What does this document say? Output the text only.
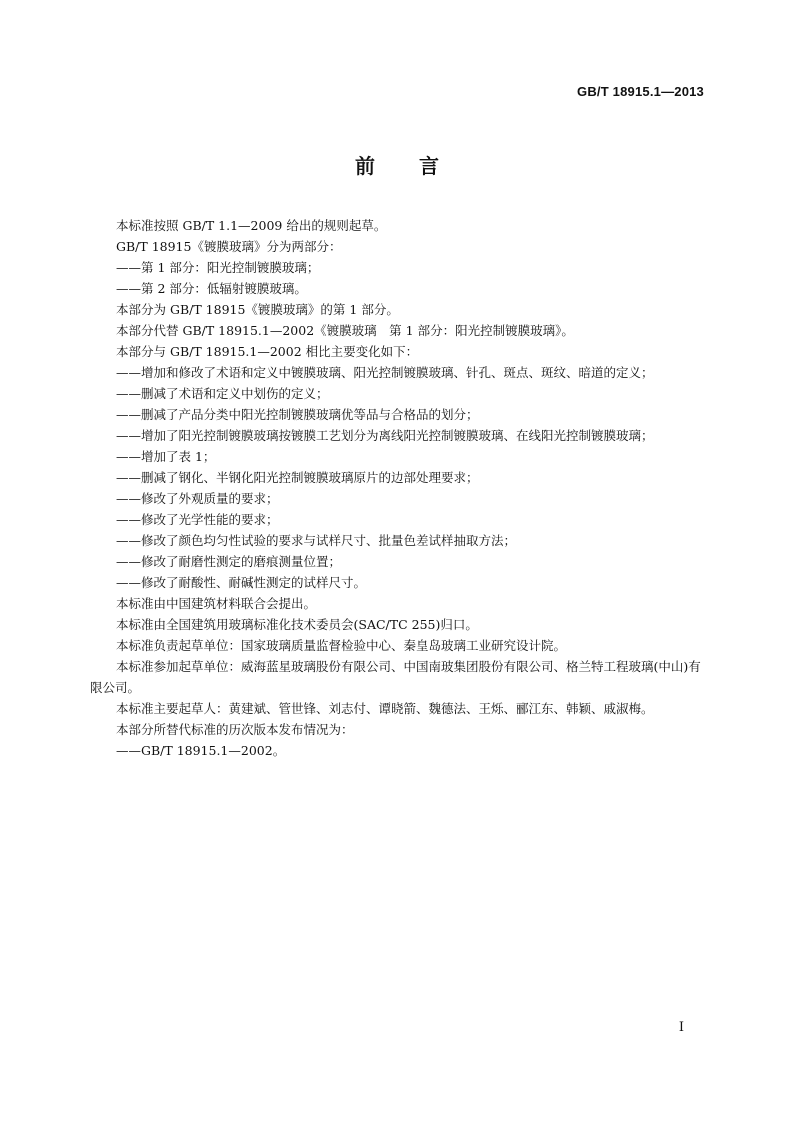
GB/T 18915.1—2013
前言
本标准按照 GB/T 1.1—2009 给出的规则起草。
GB/T 18915《镀膜玻璃》分为两部分：
——第 1 部分：阳光控制镀膜玻璃；
——第 2 部分：低辐射镀膜玻璃。
本部分为 GB/T 18915《镀膜玻璃》的第 1 部分。
本部分代替 GB/T 18915.1—2002《镀膜玻璃　第 1 部分：阳光控制镀膜玻璃》。
本部分与 GB/T 18915.1—2002 相比主要变化如下：
——增加和修改了术语和定义中镀膜玻璃、阳光控制镀膜玻璃、针孔、斑点、斑纹、暗道的定义；
——删减了术语和定义中划伤的定义；
——删减了产品分类中阳光控制镀膜玻璃优等品与合格品的划分；
——增加了阳光控制镀膜玻璃按镀膜工艺划分为离线阳光控制镀膜玻璃、在线阳光控制镀膜玻璃；
——增加了表 1；
——删减了钢化、半钢化阳光控制镀膜玻璃原片的边部处理要求；
——修改了外观质量的要求；
——修改了光学性能的要求；
——修改了颜色均匀性试验的要求与试样尺寸、批量色差试样抽取方法；
——修改了耐磨性测定的磨痕测量位置；
——修改了耐酸性、耐碱性测定的试样尺寸。
本标准由中国建筑材料联合会提出。
本标准由全国建筑用玻璃标准化技术委员会(SAC/TC 255)归口。
本标准负责起草单位：国家玻璃质量监督检验中心、秦皇岛玻璃工业研究设计院。
本标准参加起草单位：威海蓝星玻璃股份有限公司、中国南玻集团股份有限公司、格兰特工程玻璃(中山)有限公司。
本标准主要起草人：黄建斌、管世锋、刘志付、谭晓箭、魏德法、王烁、郦江东、韩颖、戚淑梅。
本部分所替代标准的历次版本发布情况为：
——GB/T 18915.1—2002。
I
